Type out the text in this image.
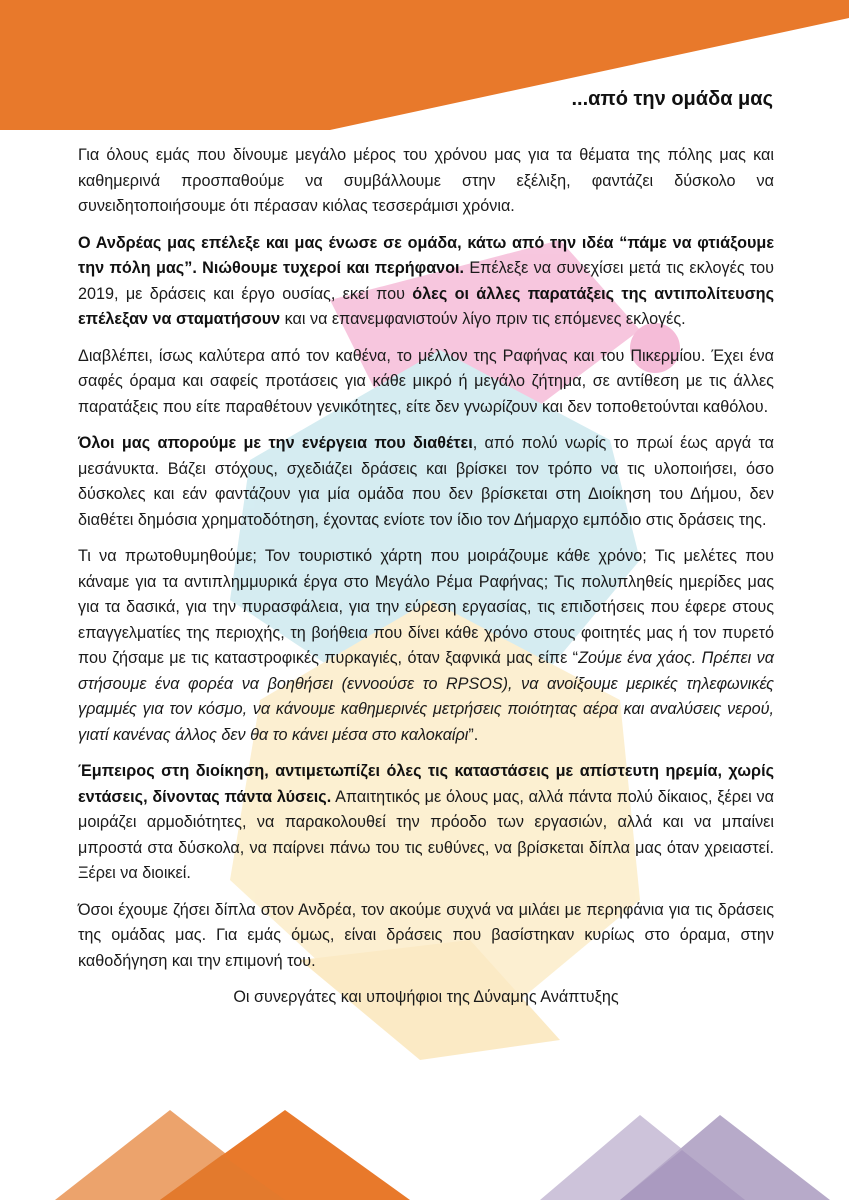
...από την ομάδα μας

Για όλους εμάς που δίνουμε μεγάλο μέρος του χρόνου μας για τα θέματα της πόλης μας και καθημερινά προσπαθούμε να συμβάλλουμε στην εξέλιξη, φαντάζει δύσκολο να συνειδητοποιήσουμε ότι πέρασαν κιόλας τεσσεράμισι χρόνια.

Ο Ανδρέας μας επέλεξε και μας ένωσε σε ομάδα, κάτω από την ιδέα “πάμε να φτιάξουμε την πόλη μας”. Νιώθουμε τυχεροί και περήφανοι. Επέλεξε να συνεχίσει μετά τις εκλογές του 2019, με δράσεις και έργο ουσίας, εκεί που όλες οι άλλες παρατάξεις της αντιπολίτευσης επέλεξαν να σταματήσουν και να επανεμφανιστούν λίγο πριν τις επόμενες εκλογές.

Διαβλέπει, ίσως καλύτερα από τον καθένα, το μέλλον της Ραφήνας και του Πικερμίου. Έχει ένα σαφές όραμα και σαφείς προτάσεις για κάθε μικρό ή μεγάλο ζήτημα, σε αντίθεση με τις άλλες παρατάξεις που είτε παραθέτουν γενικότητες, είτε δεν γνωρίζουν και δεν τοποθετούνται καθόλου.

Όλοι μας απορούμε με την ενέργεια που διαθέτει, από πολύ νωρίς το πρωί έως αργά τα μεσάνυκτα. Βάζει στόχους, σχεδιάζει δράσεις και βρίσκει τον τρόπο να τις υλοποιήσει, όσο δύσκολες και εάν φαντάζουν για μία ομάδα που δεν βρίσκεται στη Διοίκηση του Δήμου, δεν διαθέτει δημόσια χρηματοδότηση, έχοντας ενίοτε τον ίδιο τον Δήμαρχο εμπόδιο στις δράσεις της.

Τι να πρωτοθυμηθούμε; Τον τουριστικό χάρτη που μοιράζουμε κάθε χρόνο; Τις μελέτες που κάναμε για τα αντιπλημμυρικά έργα στο Μεγάλο Ρέμα Ραφήνας; Τις πολυπληθείς ημερίδες μας για τα δασικά, για την πυρασφάλεια, για την εύρεση εργασίας, τις επιδοτήσεις που έφερε στους επαγγελματίες της περιοχής, τη βοήθεια που δίνει κάθε χρόνο στους φοιτητές μας ή τον πυρετό που ζήσαμε με τις καταστροφικές πυρκαγιές, όταν ξαφνικά μας είπε “Ζούμε ένα χάος. Πρέπει να στήσουμε ένα φορέα να βοηθήσει (εννοούσε το RPSOS), να ανοίξουμε μερικές τηλεφωνικές γραμμές για τον κόσμο, να κάνουμε καθημερινές μετρήσεις ποιότητας αέρα και αναλύσεις νερού, γιατί κανένας άλλος δεν θα το κάνει μέσα στο καλοκαίρι”.

Έμπειρος στη διοίκηση, αντιμετωπίζει όλες τις καταστάσεις με απίστευτη ηρεμία, χωρίς εντάσεις, δίνοντας πάντα λύσεις. Απαιτητικός με όλους μας, αλλά πάντα πολύ δίκαιος, ξέρει να μοιράζει αρμοδιότητες, να παρακολουθεί την πρόοδο των εργασιών, αλλά και να μπαίνει μπροστά στα δύσκολα, να παίρνει πάνω του τις ευθύνες, να βρίσκεται δίπλα μας όταν χρειαστεί. Ξέρει να διοικεί.

Όσοι έχουμε ζήσει δίπλα στον Ανδρέα, τον ακούμε συχνά να μιλάει με περηφάνια για τις δράσεις της ομάδας μας. Για εμάς όμως, είναι δράσεις που βασίστηκαν κυρίως στο όραμα, στην καθοδήγηση και την επιμονή του.

Οι συνεργάτες και υποψήφιοι της Δύναμης Ανάπτυξης
